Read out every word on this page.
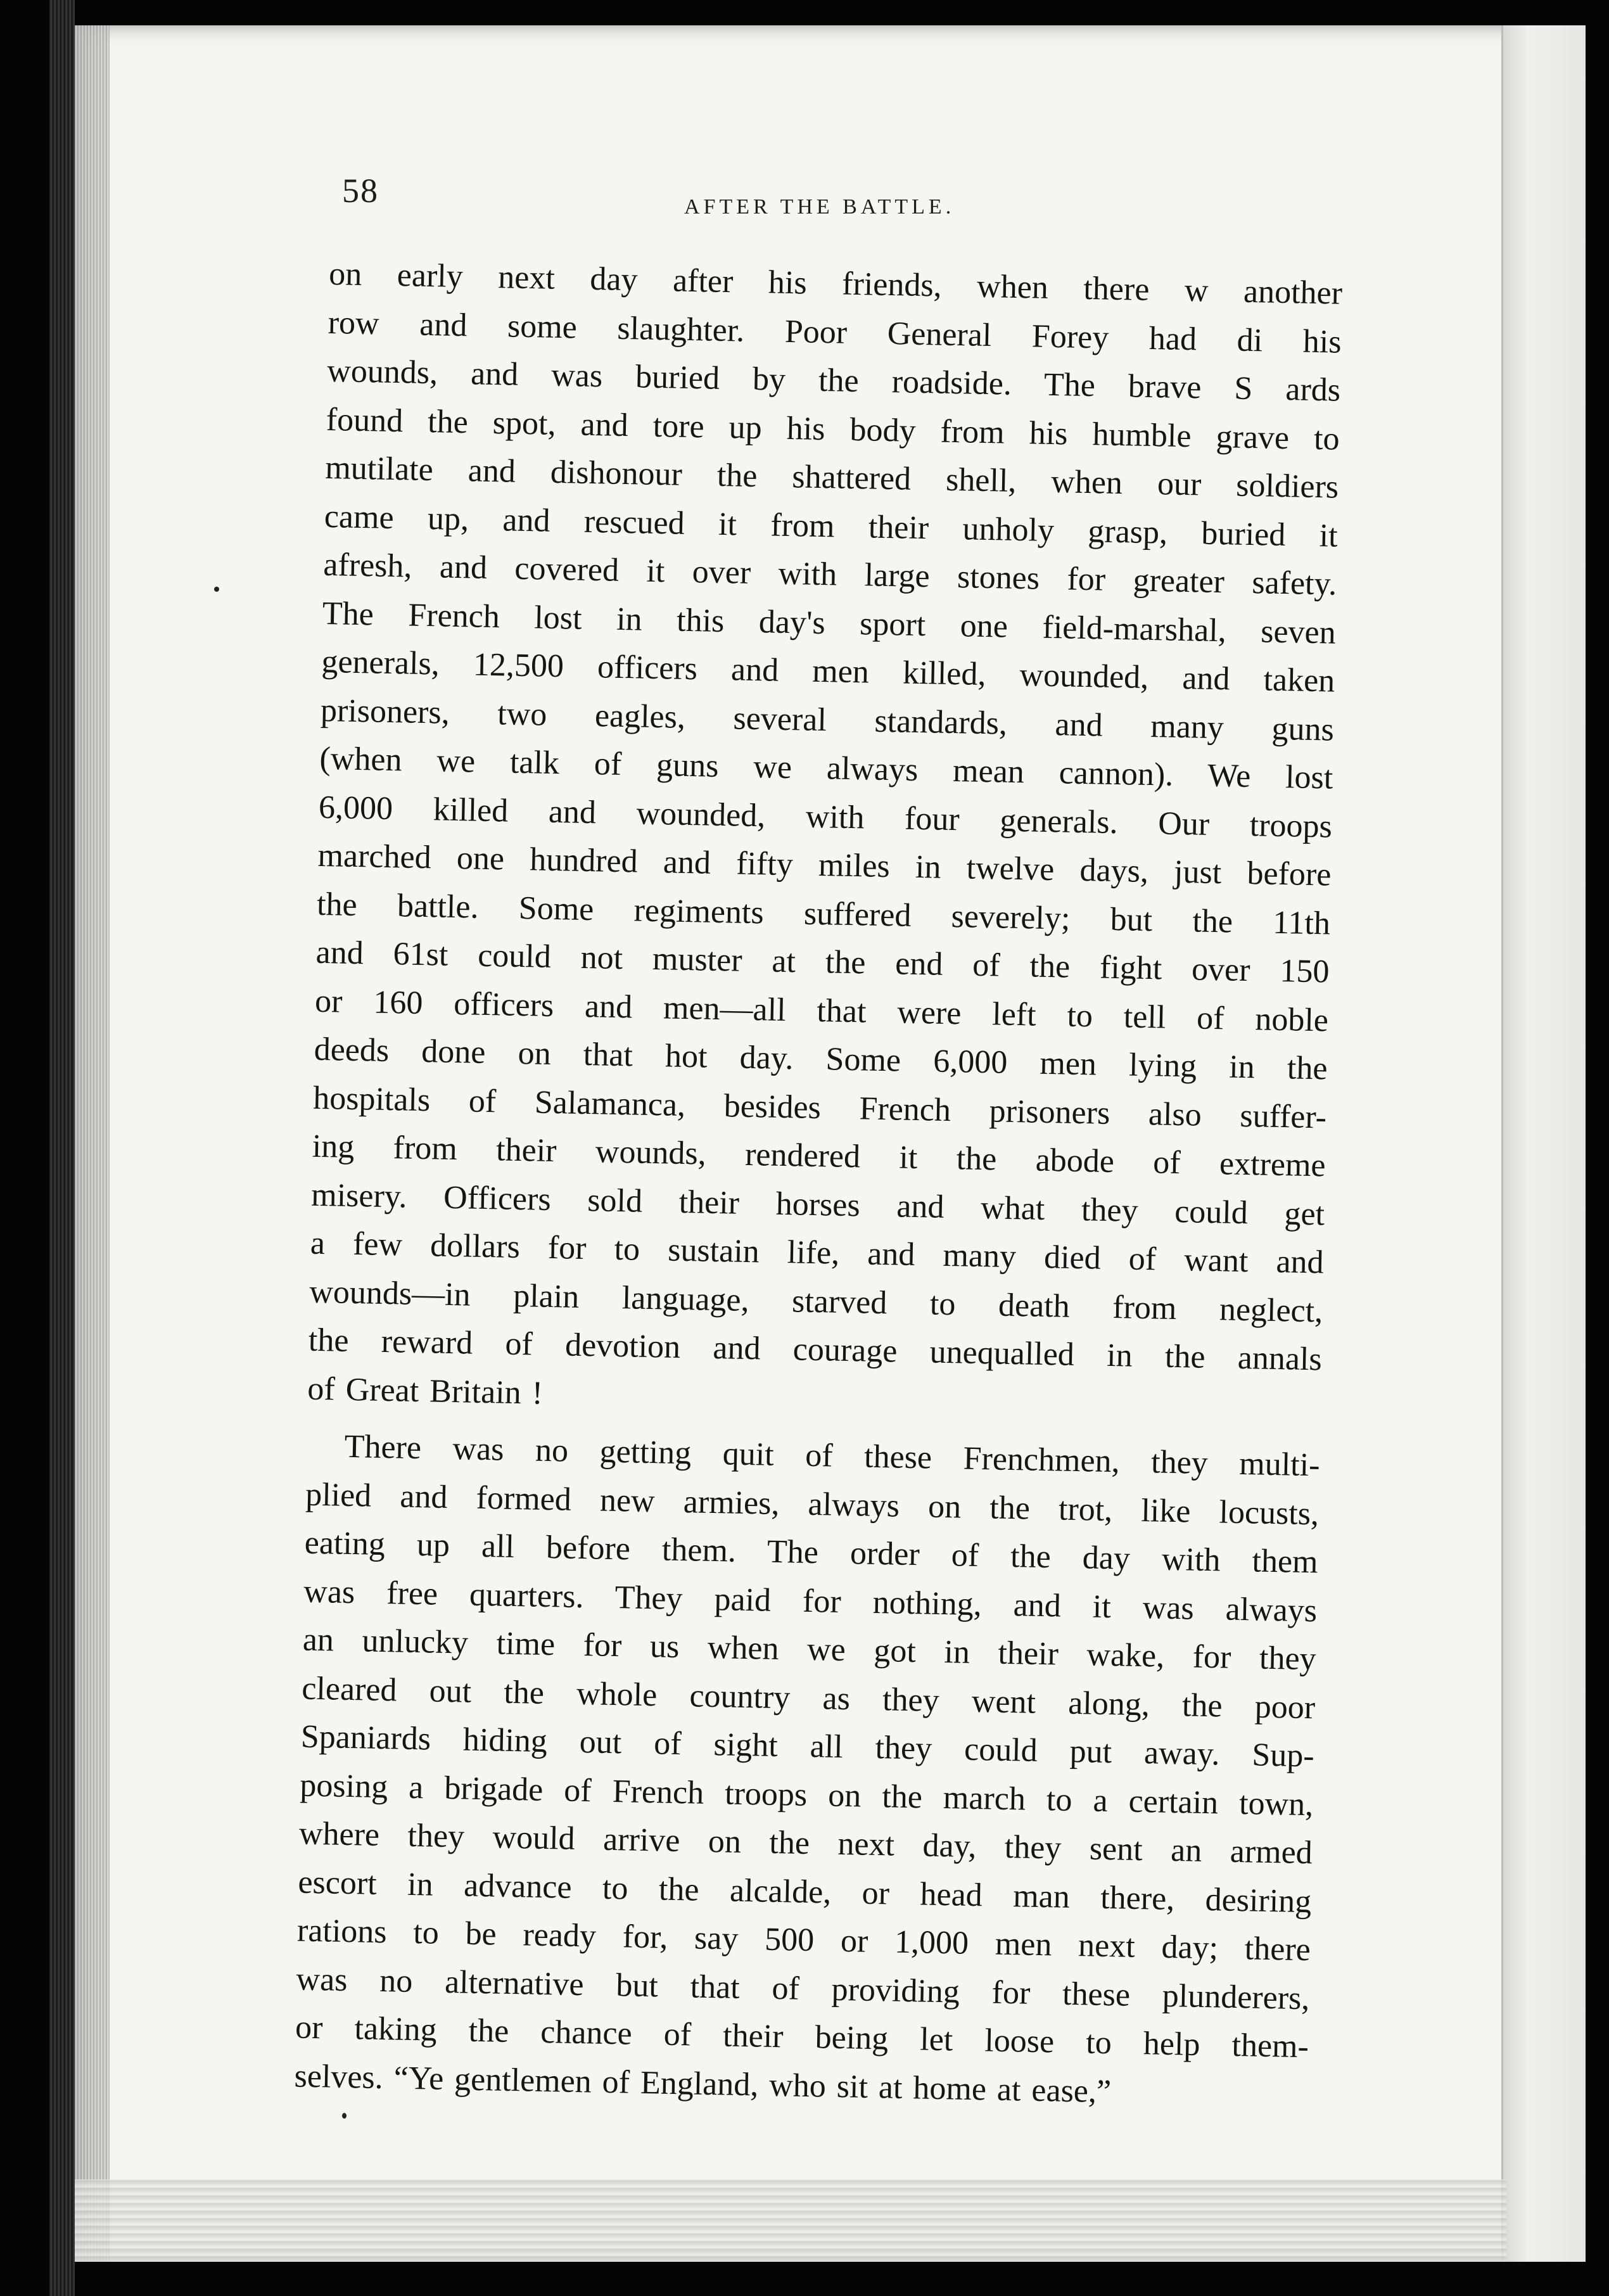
58	AFTER THE BATTLE.
on early next day after his friends, when there w another
row and some slaughter. Poor General Forey had di his
wounds, and was buried by the roadside. The brave S ards
found the spot, and tore up his body from his humble grave to
mutilate and dishonour the shattered shell, when our soldiers
came up, and rescued it from their unholy grasp, buried it
afresh, and covered it over with large stones for greater safety.
The French lost in this day's sport one field-marshal, seven
generals, 12,500 officers and men killed, wounded, and taken
prisoners, two eagles, several standards, and many guns
(when we talk of guns we always mean cannon). We lost
6,000 killed and wounded, with four generals. Our troops
marched one hundred and fifty miles in twelve days, just before
the battle. Some regiments suffered severely; but the 11th
and 61st could not muster at the end of the fight over 150
or 160 officers and men—all that were left to tell of noble
deeds done on that hot day. Some 6,000 men lying in the
hospitals of Salamanca, besides French prisoners also suffer-
ing from their wounds, rendered it the abode of extreme
misery. Officers sold their horses and what they could get
a few dollars for to sustain life, and many died of want and
wounds—in plain language, starved to death from neglect,
the reward of devotion and courage unequalled in the annals
of Great Britain !
There was no getting quit of these Frenchmen, they multi-
plied and formed new armies, always on the trot, like locusts,
eating up all before them. The order of the day with them
was free quarters. They paid for nothing, and it was always
an unlucky time for us when we got in their wake, for they
cleared out the whole country as they went along, the poor
Spaniards hiding out of sight all they could put away. Sup-
posing a brigade of French troops on the march to a certain town,
where they would arrive on the next day, they sent an armed
escort in advance to the alcalde, or head man there, desiring
rations to be ready for, say 500 or 1,000 men next day; there
was no alternative but that of providing for these plunderers,
or taking the chance of their being let loose to help them-
selves. “Ye gentlemen of England, who sit at home at ease,”
